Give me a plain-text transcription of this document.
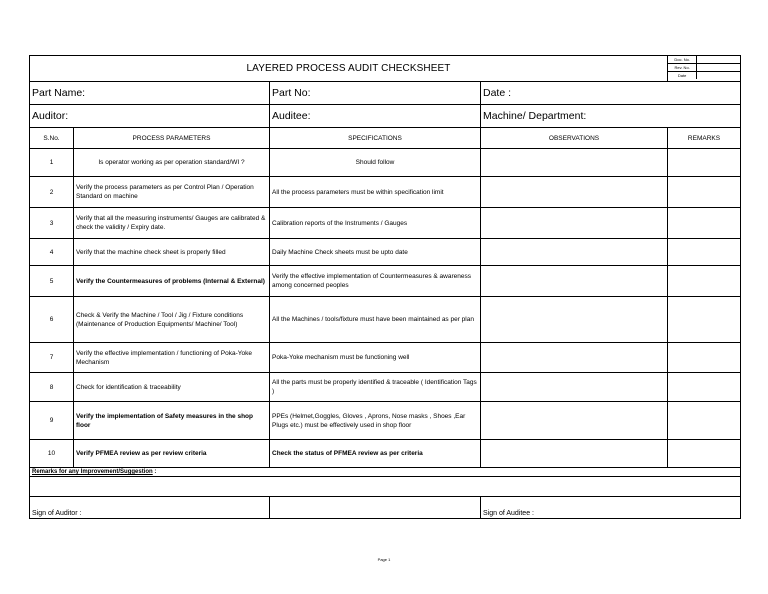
LAYERED PROCESS AUDIT CHECKSHEET	
Doc. No.	
Rev. No.	
Date	

Part Name:	Part No:	Date :
Auditor:	Auditee:	Machine/ Department:
S.No.	PROCESS PARAMETERS	SPECIFICATIONS	OBSERVATIONS	REMARKS
1	Is operator working as per operation standard/WI ?	Should follow		
2	Verify the process parameters as per Control Plan / Operation Standard on machine	All the process parameters must be within specification limit		
3	Verify that all the measuring instruments/ Gauges are calibrated & check the validity / Expiry date.	Calibration reports of the Instruments / Gauges		
4	Verify that the machine check sheet is properly filled	Daily Machine Check sheets must be upto date		
5	Verify the Countermeasures of problems (Internal & External)	Verify the effective implementation of Countermeasures & awareness among concerned peoples		
6	Check & Verify the Machine / Tool / Jig / Fixture conditions (Maintenance of Production Equipments/ Machine/ Tool)	All the Machines / tools/fixture must have been maintained as per plan		
7	Verify the effective implementation / functioning of Poka-Yoke Mechanism	Poka-Yoke mechanism must be functioning well		
8	Check for identification & traceability	All the parts must be properly identified & traceable ( Identification Tags )		
9	Verify the implementation of Safety measures in the shop floor	PPEs (Helmet,Goggles, Gloves , Aprons, Nose masks , Shoes ,Ear Plugs etc.) must be effectively used in shop floor		
10	Verify PFMEA review as per review criteria	Check the status of PFMEA review as per criteria		
Remarks for any Improvement/Suggestion :

Sign of Auditor :		Sign of Auditee :
Page 1
